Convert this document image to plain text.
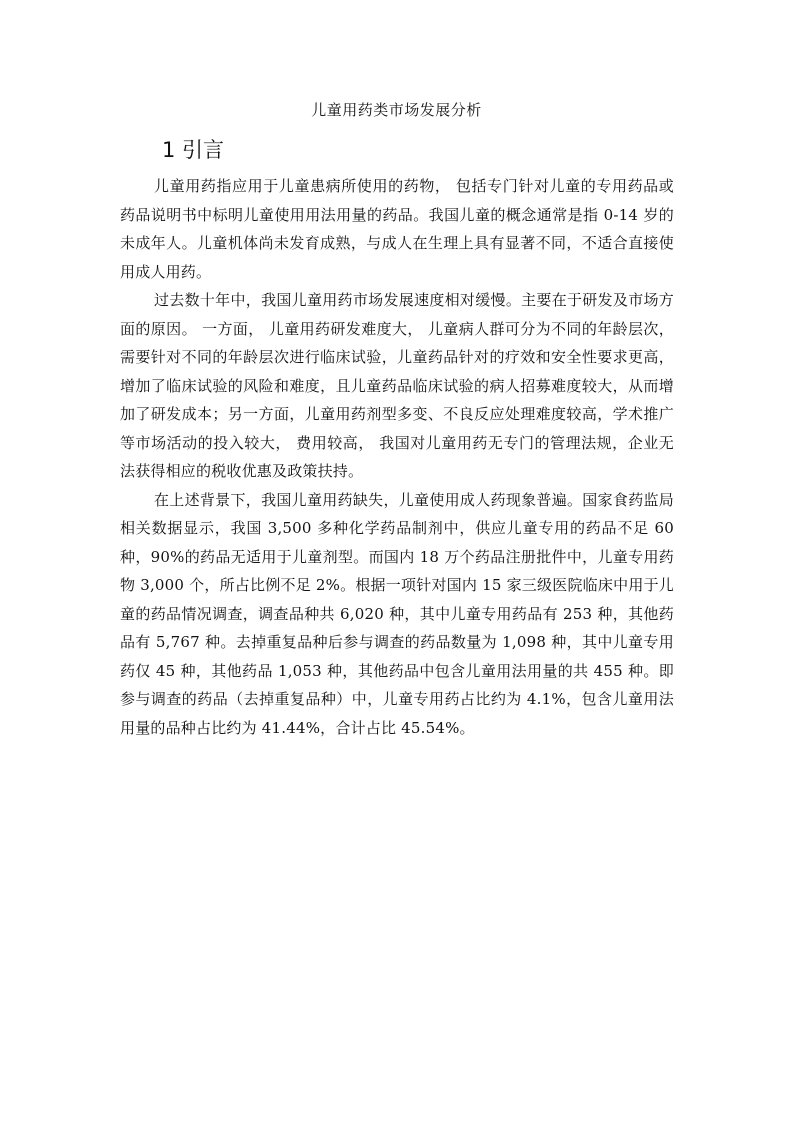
儿童用药类市场发展分析
1 引言

儿童用药指应用于儿童患病所使用的药物， 包括专门针对儿童的专用药品或药品说明书中标明儿童使用用法用量的药品。我国儿童的概念通常是指 0-14 岁的未成年人。儿童机体尚未发育成熟，与成人在生理上具有显著不同，不适合直接使用成人用药。

过去数十年中，我国儿童用药市场发展速度相对缓慢。主要在于研发及市场方面的原因。 一方面， 儿童用药研发难度大， 儿童病人群可分为不同的年龄层次，需要针对不同的年龄层次进行临床试验，儿童药品针对的疗效和安全性要求更高，增加了临床试验的风险和难度，且儿童药品临床试验的病人招募难度较大，从而增加了研发成本；另一方面，儿童用药剂型多变、不良反应处理难度较高，学术推广等市场活动的投入较大， 费用较高， 我国对儿童用药无专门的管理法规，企业无法获得相应的税收优惠及政策扶持。

在上述背景下，我国儿童用药缺失，儿童使用成人药现象普遍。国家食药监局相关数据显示，我国 3,500 多种化学药品制剂中，供应儿童专用的药品不足 60 种，90%的药品无适用于儿童剂型。而国内 18 万个药品注册批件中，儿童专用药物 3,000 个，所占比例不足 2%。根据一项针对国内 15 家三级医院临床中用于儿童的药品情况调查，调查品种共 6,020 种，其中儿童专用药品有 253 种，其他药品有 5,767 种。去掉重复品种后参与调查的药品数量为 1,098 种，其中儿童专用药仅 45 种，其他药品 1,053 种，其他药品中包含儿童用法用量的共 455 种。即参与调查的药品（去掉重复品种）中，儿童专用药占比约为 4.1%，包含儿童用法用量的品种占比约为 41.44%，合计占比 45.54%。
